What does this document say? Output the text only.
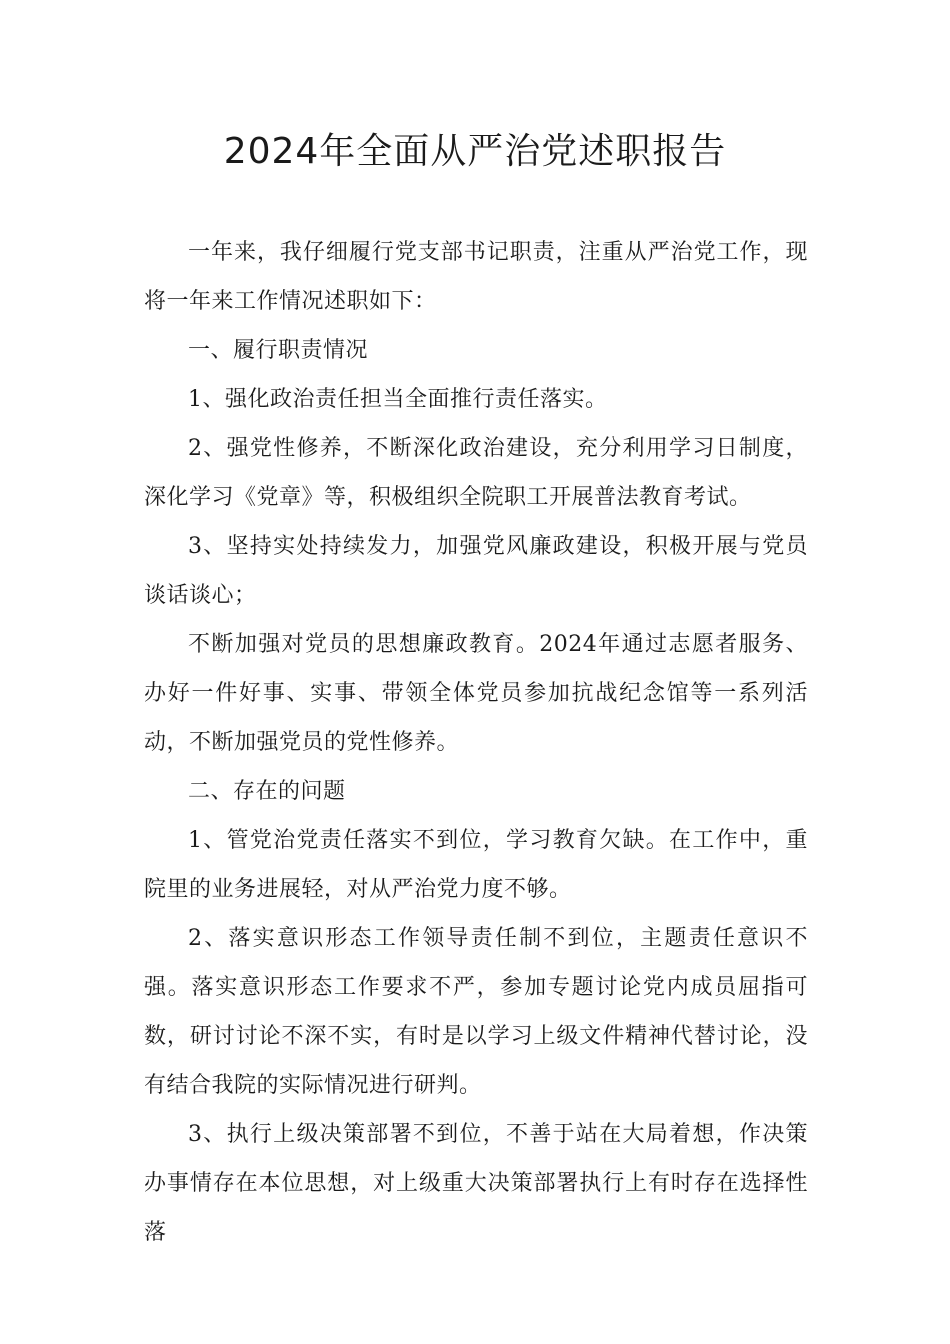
2024年全面从严治党述职报告

一年来，我仔细履行党支部书记职责，注重从严治党工作，现将一年来工作情况述职如下：

一、履行职责情况

1、强化政治责任担当全面推行责任落实。

2、强党性修养，不断深化政治建设，充分利用学习日制度，深化学习《党章》等，积极组织全院职工开展普法教育考试。

3、坚持实处持续发力，加强党风廉政建设，积极开展与党员谈话谈心；

不断加强对党员的思想廉政教育。2024年通过志愿者服务、办好一件好事、实事、带领全体党员参加抗战纪念馆等一系列活动，不断加强党员的党性修养。

二、存在的问题

1、管党治党责任落实不到位，学习教育欠缺。在工作中，重院里的业务进展轻，对从严治党力度不够。

2、落实意识形态工作领导责任制不到位，主题责任意识不强。落实意识形态工作要求不严，参加专题讨论党内成员屈指可数，研讨讨论不深不实，有时是以学习上级文件精神代替讨论，没有结合我院的实际情况进行研判。

3、执行上级决策部署不到位，不善于站在大局着想，作决策办事情存在本位思想，对上级重大决策部署执行上有时存在选择性落
